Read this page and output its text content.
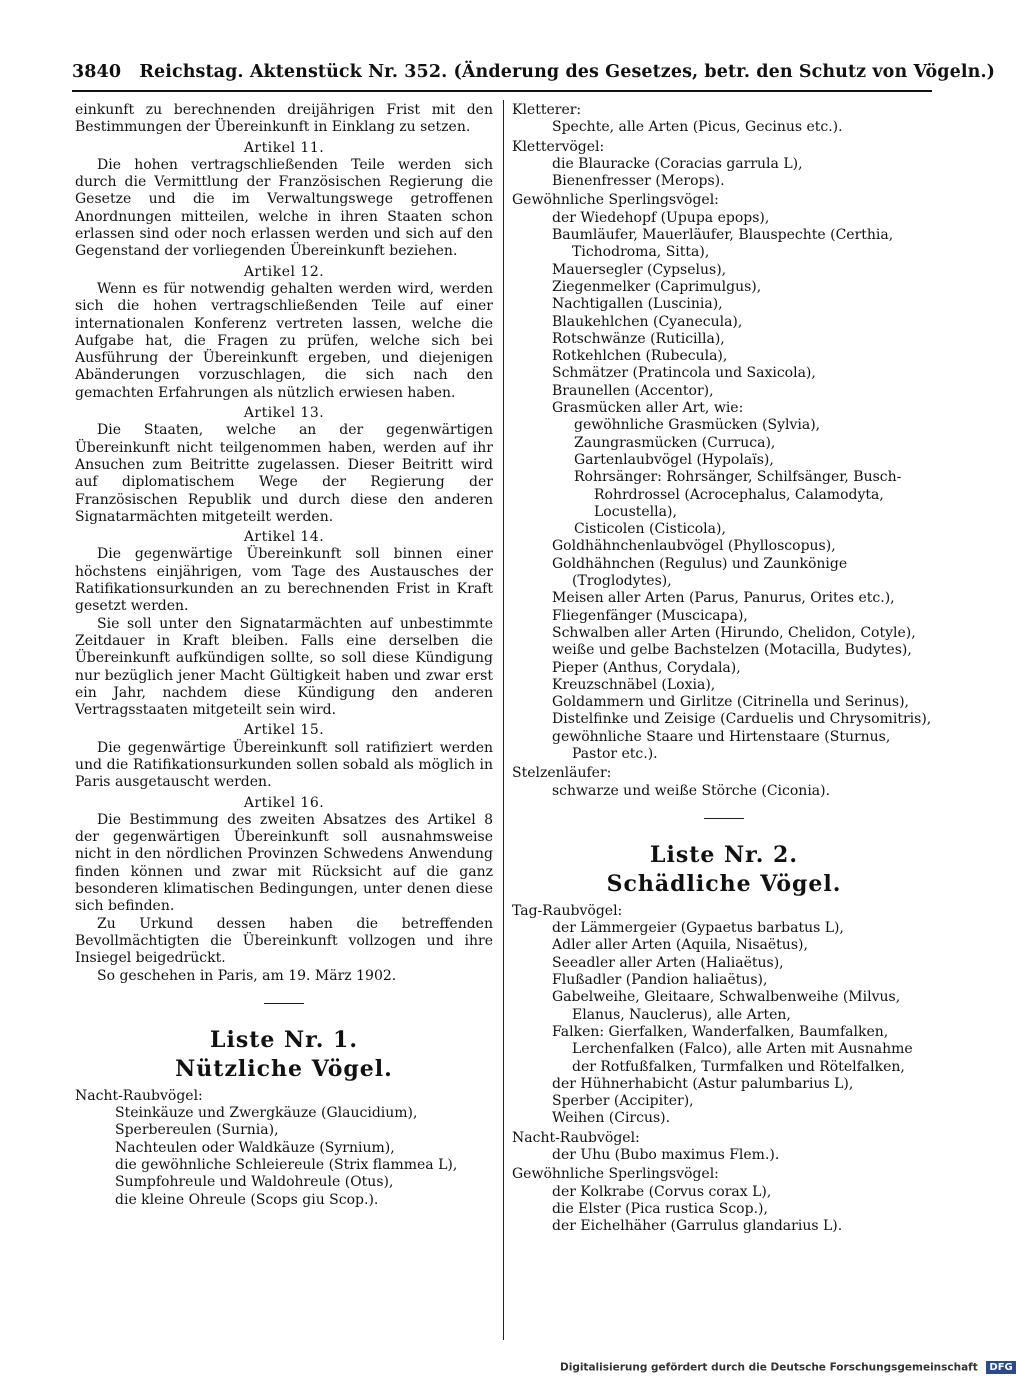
3840 Reichstag. Aktenstück Nr. 352. (Änderung des Gesetzes, betr. den Schutz von Vögeln.)

einkunft zu berechnenden dreijährigen Frist mit den Bestimmungen der Übereinkunft in Einklang zu setzen.

Artikel 11.

Die hohen vertragschließenden Teile werden sich durch die Vermittlung der Französischen Regierung die Gesetze und die im Verwaltungswege getroffenen Anordnungen mitteilen, welche in ihren Staaten schon erlassen sind oder noch erlassen werden und sich auf den Gegenstand der vorliegenden Übereinkunft beziehen.

Artikel 12.

Wenn es für notwendig gehalten werden wird, werden sich die hohen vertragschließenden Teile auf einer internationalen Konferenz vertreten lassen, welche die Aufgabe hat, die Fragen zu prüfen, welche sich bei Ausführung der Übereinkunft ergeben, und diejenigen Abänderungen vorzuschlagen, die sich nach den gemachten Erfahrungen als nützlich erwiesen haben.

Artikel 13.

Die Staaten, welche an der gegenwärtigen Übereinkunft nicht teilgenommen haben, werden auf ihr Ansuchen zum Beitritte zugelassen. Dieser Beitritt wird auf diplomatischem Wege der Regierung der Französischen Republik und durch diese den anderen Signatarmächten mitgeteilt werden.

Artikel 14.

Die gegenwärtige Übereinkunft soll binnen einer höchstens einjährigen, vom Tage des Austausches der Ratifikationsurkunden an zu berechnenden Frist in Kraft gesetzt werden.

Sie soll unter den Signatarmächten auf unbestimmte Zeitdauer in Kraft bleiben. Falls eine derselben die Übereinkunft aufkündigen sollte, so soll diese Kündigung nur bezüglich jener Macht Gültigkeit haben und zwar erst ein Jahr, nachdem diese Kündigung den anderen Vertragsstaaten mitgeteilt sein wird.

Artikel 15.

Die gegenwärtige Übereinkunft soll ratifiziert werden und die Ratifikationsurkunden sollen sobald als möglich in Paris ausgetauscht werden.

Artikel 16.

Die Bestimmung des zweiten Absatzes des Artikel 8 der gegenwärtigen Übereinkunft soll ausnahmsweise nicht in den nördlichen Provinzen Schwedens Anwendung finden können und zwar mit Rücksicht auf die ganz besonderen klimatischen Bedingungen, unter denen diese sich befinden.

Zu Urkund dessen haben die betreffenden Bevollmächtigten die Übereinkunft vollzogen und ihre Insiegel beigedrückt.

So geschehen in Paris, am 19. März 1902.

Liste Nr. 1.
Nützliche Vögel.
Nacht-Raubvögel:
Steinkäuze und Zwergkäuze (Glaucidium),
Sperbereulen (Surnia),
Nachteulen oder Waldkäuze (Syrnium),
die gewöhnliche Schleiereule (Strix flammea L),
Sumpfohreule und Waldohreule (Otus),
die kleine Ohreule (Scops giu Scop.).
Kletterer:
Spechte, alle Arten (Picus, Gecinus etc.).
Klettervögel:
die Blauracke (Coracias garrula L),
Bienenfresser (Merops).
Gewöhnliche Sperlingsvögel:
der Wiedehopf (Upupa epops),
Baumläufer, Mauerläufer, Blauspechte (Certhia, Tichodroma, Sitta),
Mauersegler (Cypselus),
Ziegenmelker (Caprimulgus),
Nachtigallen (Luscinia),
Blaukehlchen (Cyanecula),
Rotschwänze (Ruticilla),
Rotkehlchen (Rubecula),
Schmätzer (Pratincola und Saxicola),
Braunellen (Accentor),
Grasmücken aller Art, wie:
gewöhnliche Grasmücken (Sylvia),
Zaungrasmücken (Curruca),
Gartenlaubvögel (Hypolaïs),
Rohrsänger: Rohrsänger, Schilfsänger, Busch-Rohrdrossel (Acrocephalus, Calamodyta, Locustella),
Cisticolen (Cisticola),
Goldhähnchenlaubvögel (Phylloscopus),
Goldhähnchen (Regulus) und Zaunkönige (Troglodytes),
Meisen aller Arten (Parus, Panurus, Orites etc.),
Fliegenfänger (Muscicapa),
Schwalben aller Arten (Hirundo, Chelidon, Cotyle),
weiße und gelbe Bachstelzen (Motacilla, Budytes),
Pieper (Anthus, Corydala),
Kreuzschnäbel (Loxia),
Goldammern und Girlitze (Citrinella und Serinus),
Distelfinke und Zeisige (Carduelis und Chrysomitris),
gewöhnliche Staare und Hirtenstaare (Sturnus, Pastor etc.).
Stelzenläufer:
schwarze und weiße Störche (Ciconia).
Liste Nr. 2.
Schädliche Vögel.
Tag-Raubvögel:
der Lämmergeier (Gypaetus barbatus L),
Adler aller Arten (Aquila, Nisaëtus),
Seeadler aller Arten (Haliaëtus),
Flußadler (Pandion haliaëtus),
Gabelweihe, Gleitaare, Schwalbenweihe (Milvus, Elanus, Nauclerus), alle Arten,
Falken: Gierfalken, Wanderfalken, Baumfalken, Lerchenfalken (Falco), alle Arten mit Ausnahme der Rotfußfalken, Turmfalken und Rötelfalken,
der Hühnerhabicht (Astur palumbarius L),
Sperber (Accipiter),
Weihen (Circus).
Nacht-Raubvögel:
der Uhu (Bubo maximus Flem.).
Gewöhnliche Sperlingsvögel:
der Kolkrabe (Corvus corax L),
die Elster (Pica rustica Scop.),
der Eichelhäher (Garrulus glandarius L).
Digitalisierung gefördert durch die Deutsche Forschungsgemeinschaft DFG
